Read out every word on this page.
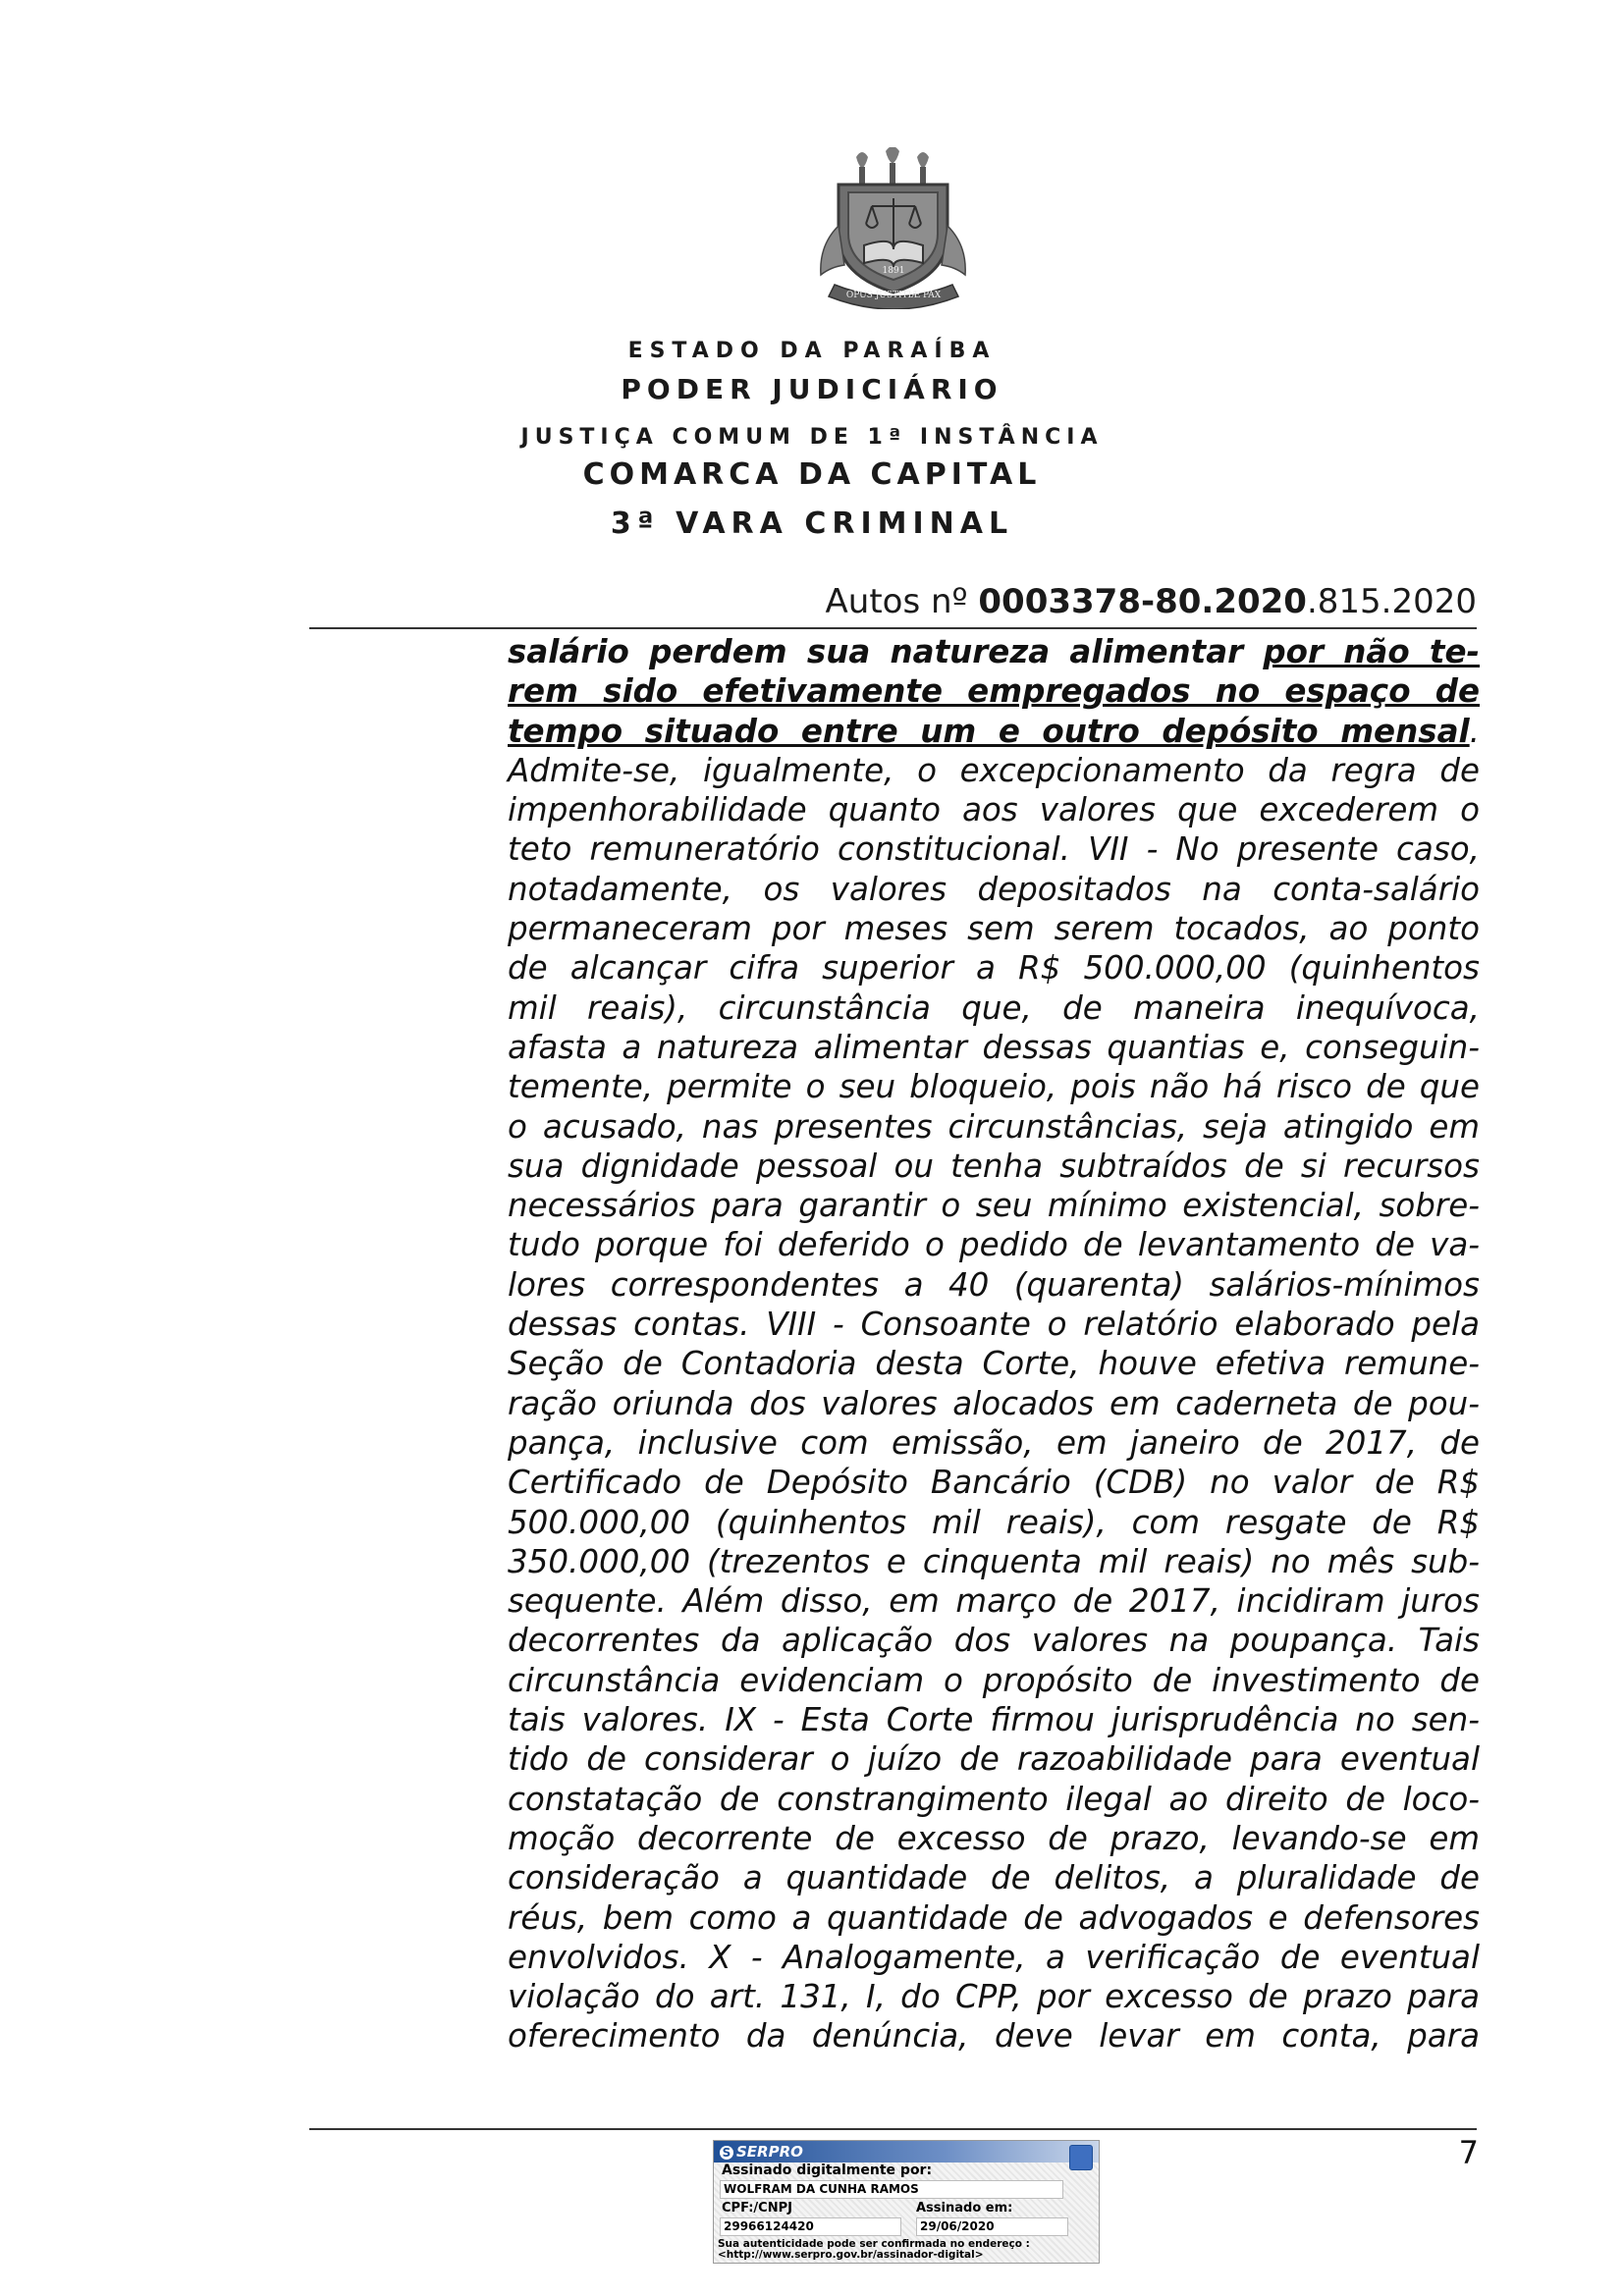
1891
OPUS JUSTITIÆ PAX
ESTADO DA PARAÍBA
PODER JUDICIÁRIO
JUSTIÇA COMUM DE 1ª INSTÂNCIA
COMARCA DA CAPITAL
3ª VARA CRIMINAL
Autos nº 0003378-80.2020.815.2020
salário perdem sua natureza alimentar por não te-
rem sido efetivamente empregados no espaço de
tempo situado entre um e outro depósito mensal.
Admite-se, igualmente, o excepcionamento da regra de
impenhorabilidade quanto aos valores que excederem o
teto remuneratório constitucional. VII - No presente caso,
notadamente, os valores depositados na conta-salário
permaneceram por meses sem serem tocados, ao ponto
de alcançar cifra superior a R$ 500.000,00 (quinhentos
mil reais), circunstância que, de maneira inequívoca,
afasta a natureza alimentar dessas quantias e, conseguin-
temente, permite o seu bloqueio, pois não há risco de que
o acusado, nas presentes circunstâncias, seja atingido em
sua dignidade pessoal ou tenha subtraídos de si recursos
necessários para garantir o seu mínimo existencial, sobre-
tudo porque foi deferido o pedido de levantamento de va-
lores correspondentes a 40 (quarenta) salários-mínimos
dessas contas. VIII - Consoante o relatório elaborado pela
Seção de Contadoria desta Corte, houve efetiva remune-
ração oriunda dos valores alocados em caderneta de pou-
pança, inclusive com emissão, em janeiro de 2017, de
Certificado de Depósito Bancário (CDB) no valor de R$
500.000,00 (quinhentos mil reais), com resgate de R$
350.000,00 (trezentos e cinquenta mil reais) no mês sub-
sequente. Além disso, em março de 2017, incidiram juros
decorrentes da aplicação dos valores na poupança. Tais
circunstância evidenciam o propósito de investimento de
tais valores. IX - Esta Corte firmou jurisprudência no sen-
tido de considerar o juízo de razoabilidade para eventual
constatação de constrangimento ilegal ao direito de loco-
moção decorrente de excesso de prazo, levando-se em
consideração a quantidade de delitos, a pluralidade de
réus, bem como a quantidade de advogados e defensores
envolvidos. X - Analogamente, a verificação de eventual
violação do art. 131, I, do CPP, por excesso de prazo para
oferecimento da denúncia, deve levar em conta, para
7
S SERPRO
Assinado digitalmente por:
WOLFRAM DA CUNHA RAMOS
CPF:/CNPJ	Assinado em:
29966124420	29/06/2020
Sua autenticidade pode ser confirmada no endereço :
<http://www.serpro.gov.br/assinador-digital>
